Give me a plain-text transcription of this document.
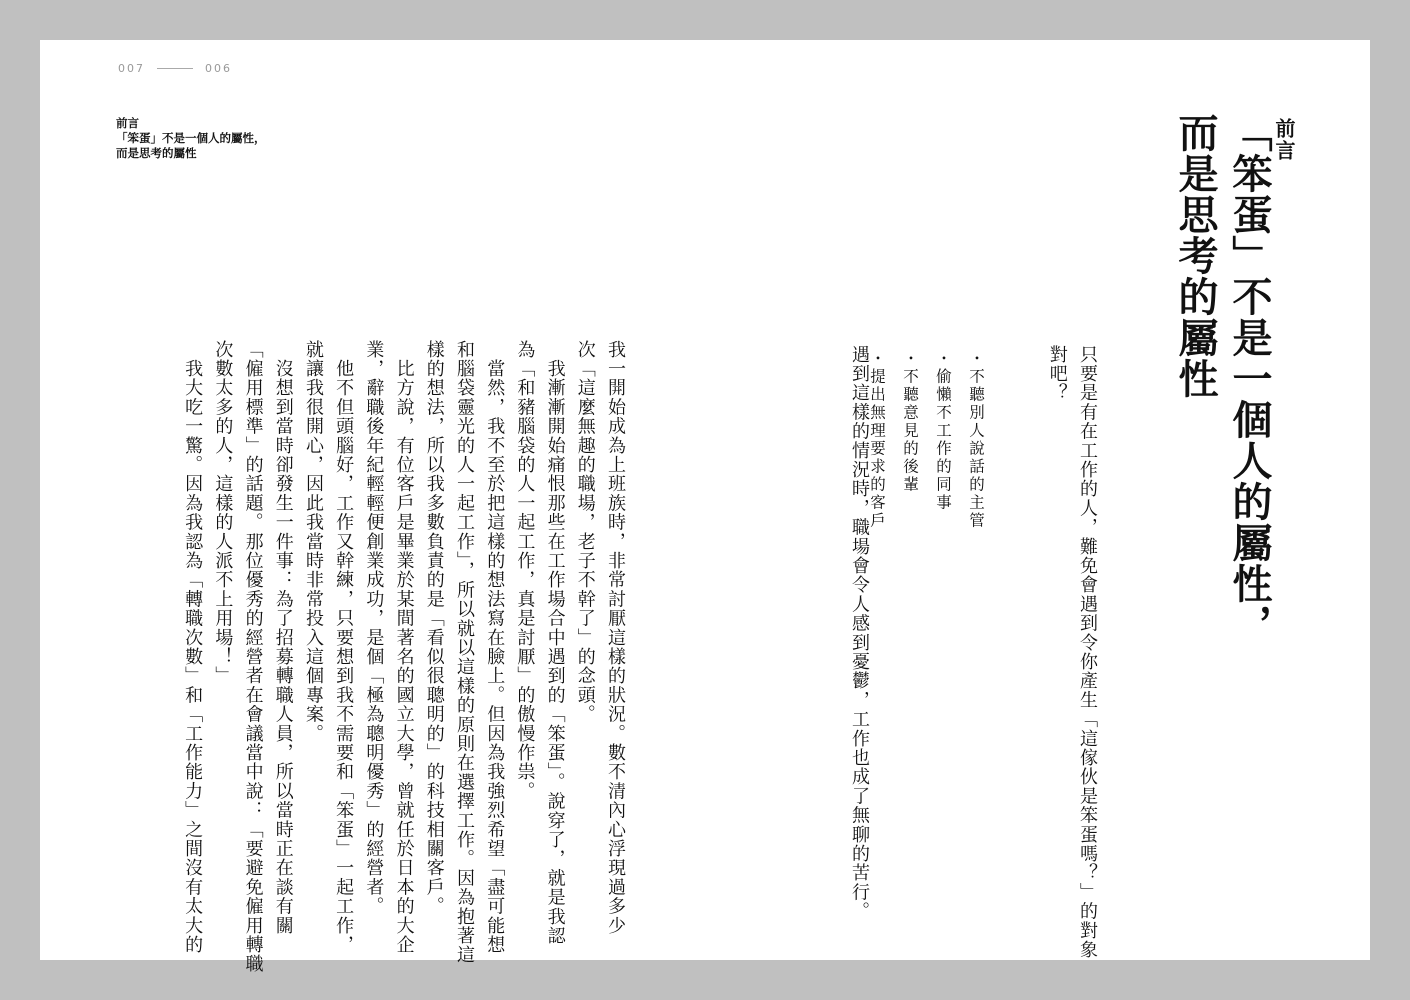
007	006
前言
「笨蛋」不是一個人的屬性，
而是思考的屬性	前言
「笨蛋」不是一個人的屬性，
而是思考的屬性

只要是有在工作的人，難免會遇到令你產生「這傢伙是笨蛋嗎？」的對象

對吧？

・不聽別人說話的主管
・偷懶不工作的同事
・不聽意見的後輩
・提出無理要求的客戶

遇到這樣的情況時，職場會令人感到憂鬱，工作也成了無聊的苦行。

我一開始成為上班族時，非常討厭這樣的狀況。數不清內心浮現過多少

次「這麼無趣的職場，老子不幹了」的念頭。

　我漸漸開始痛恨那些在工作場合中遇到的「笨蛋」。說穿了，就是我認

為「和豬腦袋的人一起工作，真是討厭」的傲慢作祟。

　當然，我不至於把這樣的想法寫在臉上。但因為我強烈希望「盡可能想

和腦袋靈光的人一起工作」，所以就以這樣的原則在選擇工作。因為抱著這

樣的想法，所以我多數負責的是「看似很聰明的」的科技相關客戶。

　比方說，有位客戶是畢業於某間著名的國立大學，曾就任於日本的大企

業，辭職後年紀輕輕便創業成功，是個「極為聰明優秀」的經營者。

　他不但頭腦好，工作又幹練，只要想到我不需要和「笨蛋」一起工作，

就讓我很開心，因此我當時非常投入這個專案。

　沒想到當時卻發生一件事：為了招募轉職人員，所以當時正在談有關

「僱用標準」的話題。那位優秀的經營者在會議當中說：「要避免僱用轉職

次數太多的人，這樣的人派不上用場！」

　我大吃一驚。因為我認為「轉職次數」和「工作能力」之間沒有太大的
